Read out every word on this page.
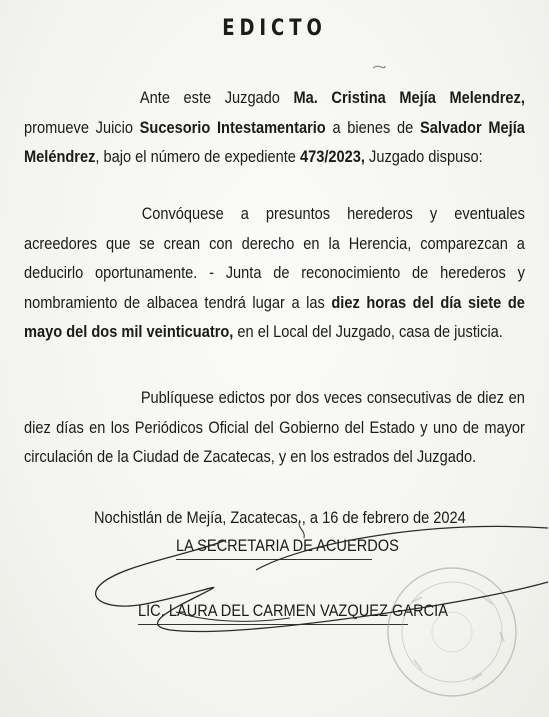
EDICTO
Ante este Juzgado Ma. Cristina Mejía Melendrez, promueve Juicio Sucesorio Intestamentario a bienes de Salvador Mejía Meléndrez, bajo el número de expediente 473/2023, Juzgado dispuso:
Convóquese a presuntos herederos y eventuales acreedores que se crean con derecho en la Herencia, comparezcan a deducirlo oportunamente. - Junta de reconocimiento de herederos y nombramiento de albacea tendrá lugar a las diez horas del día siete de mayo del dos mil veinticuatro, en el Local del Juzgado, casa de justicia.
Publíquese edictos por dos veces consecutivas de diez en diez días en los Periódicos Oficial del Gobierno del Estado y uno de mayor circulación de la Ciudad de Zacatecas, y en los estrados del Juzgado.
Nochistlán de Mejía, Zacatecas., a 16 de febrero de 2024
LA SECRETARIA DE ACUERDOS
LIC. LAURA DEL CARMEN VAZQUEZ GARCIA
